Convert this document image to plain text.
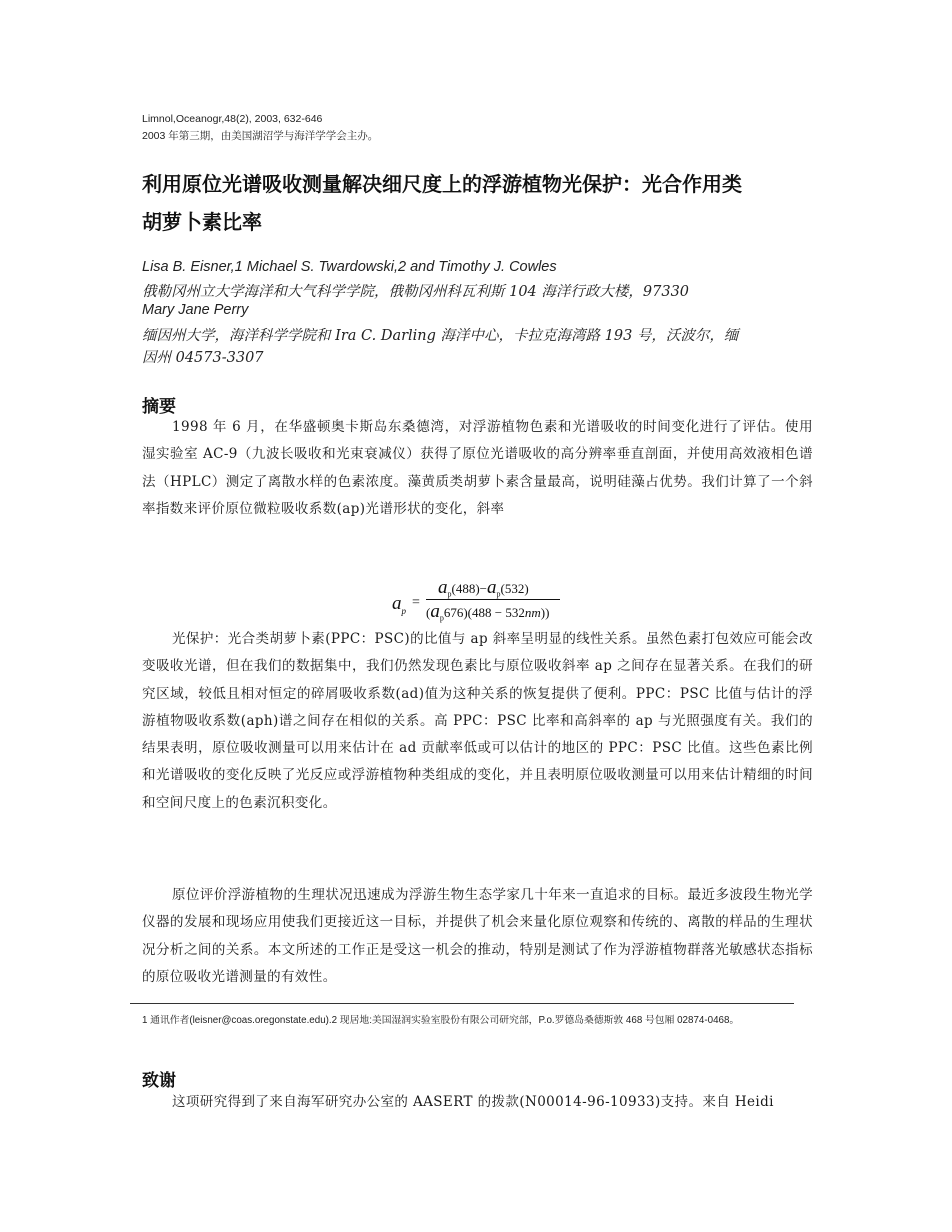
Limnol,Oceanogr,48(2), 2003, 632-646
2003 年第三期，由美国湖沼学与海洋学学会主办。
利用原位光谱吸收测量解决细尺度上的浮游植物光保护：光合作用类
胡萝卜素比率
Lisa B. Eisner,1 Michael S. Twardowski,2 and Timothy J. Cowles
俄勒冈州立大学海洋和大气科学学院，俄勒冈州科瓦利斯 104 海洋行政大楼，97330
Mary Jane Perry
缅因州大学，海洋科学学院和 Ira C. Darling 海洋中心，卡拉克海湾路 193 号，沃波尔，缅
因州 04573-3307
摘要
1998 年 6 月，在华盛顿奥卡斯岛东桑德湾，对浮游植物色素和光谱吸收的时间变化进行了评估。使用湿实验室 AC-9（九波长吸收和光束衰减仪）获得了原位光谱吸收的高分辨率垂直剖面，并使用高效液相色谱法（HPLC）测定了离散水样的色素浓度。藻黄质类胡萝卜素含量最高，说明硅藻占优势。我们计算了一个斜率指数来评价原位微粒吸收系数(ap)光谱形状的变化，斜率
$a_p$
=
$a_p(488)-a_p(532)$
$(a_p676)(488 - 532nm)$)
光保护：光合类胡萝卜素(PPC：PSC)的比值与 ap 斜率呈明显的线性关系。虽然色素打包效应可能会改变吸收光谱，但在我们的数据集中，我们仍然发现色素比与原位吸收斜率 ap 之间存在显著关系。在我们的研究区域，较低且相对恒定的碎屑吸收系数(ad)值为这种关系的恢复提供了便利。PPC：PSC 比值与估计的浮游植物吸收系数(aph)谱之间存在相似的关系。高 PPC：PSC 比率和高斜率的 ap 与光照强度有关。我们的结果表明，原位吸收测量可以用来估计在 ad 贡献率低或可以估计的地区的 PPC：PSC 比值。这些色素比例和光谱吸收的变化反映了光反应或浮游植物种类组成的变化，并且表明原位吸收测量可以用来估计精细的时间和空间尺度上的色素沉积变化。
原位评价浮游植物的生理状况迅速成为浮游生物生态学家几十年来一直追求的目标。最近多波段生物光学仪器的发展和现场应用使我们更接近这一目标，并提供了机会来量化原位观察和传统的、离散的样品的生理状况分析之间的关系。本文所述的工作正是受这一机会的推动，特别是测试了作为浮游植物群落光敏感状态指标的原位吸收光谱测量的有效性。
1 通讯作者(leisner@coas.oregonstate.edu).2 现居地:美国湿润实验室股份有限公司研究部，P.o.罗德岛桑德斯敦 468 号包厢 02874-0468。
致谢
这项研究得到了来自海军研究办公室的 AASERT 的拨款(N00014-96-10933)支持。来自 Heidi
